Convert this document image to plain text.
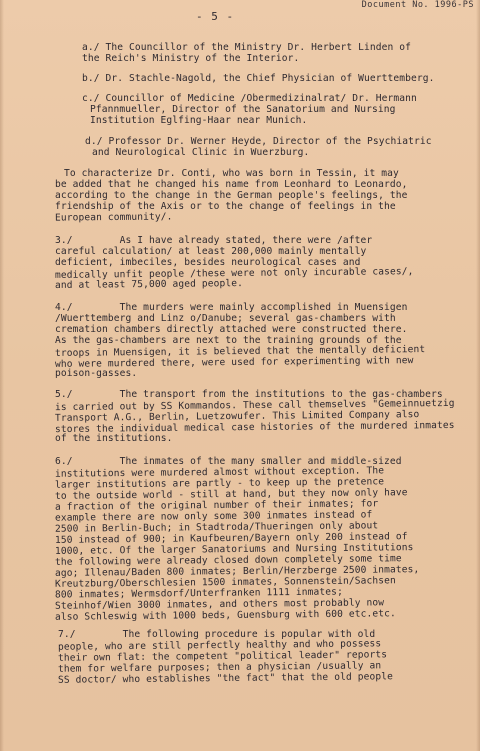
- 5 -
Document No. 1996-PS
a./ The Councillor of the Ministry Dr. Herbert Linden of
the Reich's Ministry of the Interior.
b./ Dr. Stachle-Nagold, the Chief Physician of Wuerttemberg.
c./ Councillor of Medicine /Obermedizinalrat/ Dr. Hermann
Pfannmueller, Director of the Sanatorium and Nursing
Institution Eglfing-Haar near Munich.
d./ Professor Dr. Werner Heyde, Director of the Psychiatric
and Neurological Clinic in Wuerzburg.
To characterize Dr. Conti, who was born in Tessin, it may
be added that he changed his name from Leonhard to Leonardo,
according to the change in the German people's feelings, the
friendship of the Axis or to the change of feelings in the
European community/.
3./        As I have already stated, there were /after
careful calculation/ at least 200,000 mainly mentally
deficient, imbeciles, besides neurological cases and
medically unfit people /these were not only incurable cases/,
and at least 75,000 aged people.
4./        The murders were mainly accomplished in Muensigen
/Wuerttemberg and Linz o/Danube; several gas-chambers with
cremation chambers directly attached were constructed there.
As the gas-chambers are next to the training grounds of the
troops in Muensigen, it is believed that the mentally deficient
who were murdered there, were used for experimenting with new
poison-gasses.
5./        The transport from the institutions to the gas-chambers
is carried out by SS Kommandos. These call themselves "Gemeinnuetzig
Transport A.G., Berlin, Luetzowufer. This Limited Company also
stores the individual medical case histories of the murdered inmates
of the institutions.
6./        The inmates of the many smaller and middle-sized
institutions were murdered almost without exception. The
larger institutions are partly - to keep up the pretence
to the outside world - still at hand, but they now only have
a fraction of the original number of their inmates; for
example there are now only some 300 inmates instead of
2500 in Berlin-Buch; in Stadtroda/Thueringen only about
150 instead of 900; in Kaufbeuren/Bayern only 200 instead of
1000, etc. Of the larger Sanatoriums and Nursing Institutions
the following were already closed down completely some time
ago; Illenau/Baden 800 inmates; Berlin/Herzberge 2500 inmates,
Kreutzburg/Oberschlesien 1500 inmates, Sonnenstein/Sachsen
800 inmates; Wermsdorf/Unterfranken 1111 inmates;
Steinhof/Wien 3000 inmates, and others most probably now
also Schleswig with 1000 beds, Guensburg with 600 etc.etc.
7./        The following procedure is popular with old
people, who are still perfectly healthy and who possess
their own flat: the competent "political leader" reports
them for welfare purposes; then a physician /usually an
SS doctor/ who establishes "the fact" that the old people
